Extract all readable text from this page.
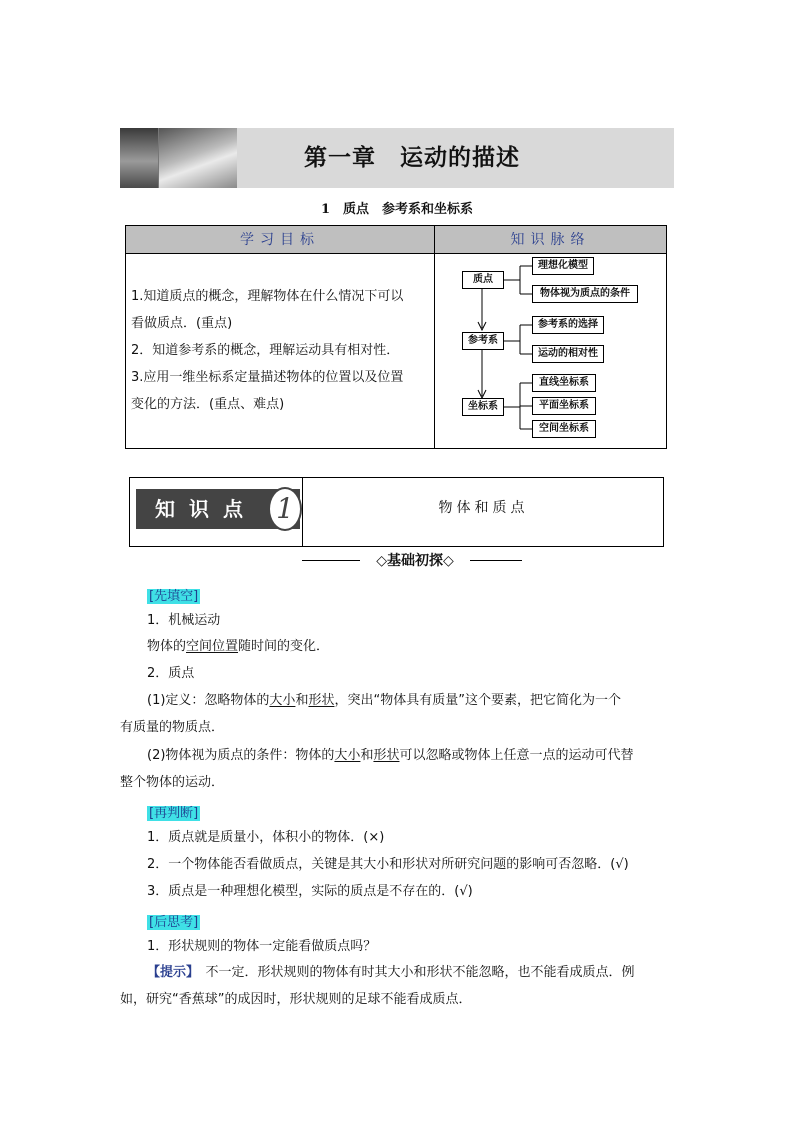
第一章　运动的描述
1　质点　参考系和坐标系
学习目标	知识脉络
1.知道质点的概念，理解物体在什么情况下可以
看做质点．(重点)
2．知道参考系的概念，理解运动具有相对性．
3.应用一维坐标系定量描述物体的位置以及位置
变化的方法．(重点、难点)
质点
参考系
坐标系
理想化模型
物体视为质点的条件
参考系的选择
运动的相对性
直线坐标系
平面坐标系
空间坐标系
知识点 1	物体和质点
◇基础初探◇
[先填空]
1．机械运动
物体的空间位置随时间的变化．
2．质点
(1)定义：忽略物体的大小和形状，突出“物体具有质量”这个要素，把它简化为一个
有质量的物质点．
(2)物体视为质点的条件：物体的大小和形状可以忽略或物体上任意一点的运动可代替
整个物体的运动．
[再判断]
1．质点就是质量小，体积小的物体．(×)
2．一个物体能否看做质点，关键是其大小和形状对所研究问题的影响可否忽略．(√)
3．质点是一种理想化模型，实际的质点是不存在的．(√)
[后思考]
1．形状规则的物体一定能看做质点吗？
【提示】　不一定．形状规则的物体有时其大小和形状不能忽略，也不能看成质点．例
如，研究“香蕉球”的成因时，形状规则的足球不能看成质点．
